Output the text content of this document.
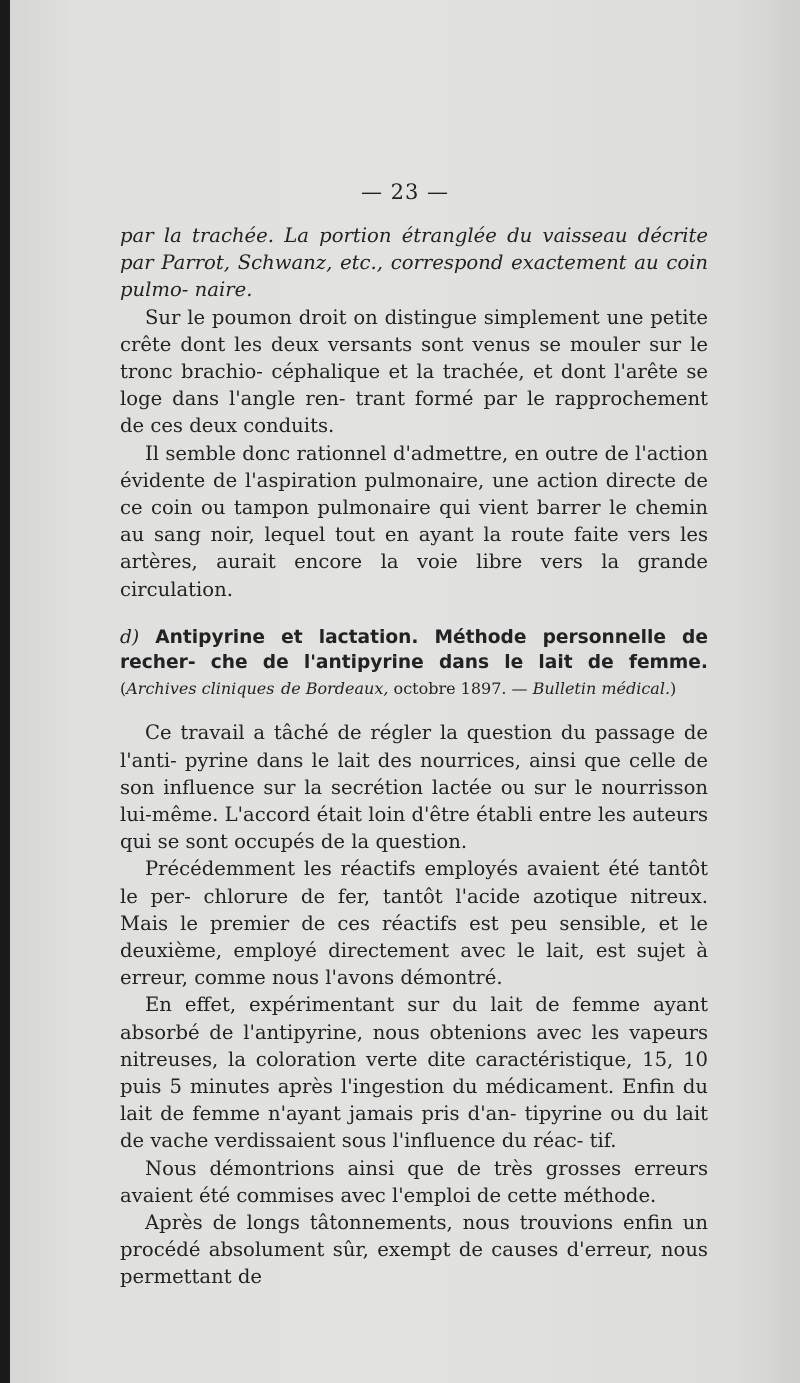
— 23 —

par la trachée. La portion étranglée du vaisseau décrite par Parrot, Schwanz, etc., correspond exactement au coin pulmo- naire.

Sur le poumon droit on distingue simplement une petite crête dont les deux versants sont venus se mouler sur le tronc brachio- céphalique et la trachée, et dont l'arête se loge dans l'angle ren- trant formé par le rapprochement de ces deux conduits.

Il semble donc rationnel d'admettre, en outre de l'action évidente de l'aspiration pulmonaire, une action directe de ce coin ou tampon pulmonaire qui vient barrer le chemin au sang noir, lequel tout en ayant la route faite vers les artères, aurait encore la voie libre vers la grande circulation.

d) Antipyrine et lactation. Méthode personnelle de recher- che de l'antipyrine dans le lait de femme. (Archives cliniques de Bordeaux, octobre 1897. — Bulletin médical.)

Ce travail a tâché de régler la question du passage de l'anti- pyrine dans le lait des nourrices, ainsi que celle de son influence sur la secrétion lactée ou sur le nourrisson lui-même. L'accord était loin d'être établi entre les auteurs qui se sont occupés de la question.

Précédemment les réactifs employés avaient été tantôt le per- chlorure de fer, tantôt l'acide azotique nitreux. Mais le premier de ces réactifs est peu sensible, et le deuxième, employé directement avec le lait, est sujet à erreur, comme nous l'avons démontré.

En effet, expérimentant sur du lait de femme ayant absorbé de l'antipyrine, nous obtenions avec les vapeurs nitreuses, la coloration verte dite caractéristique, 15, 10 puis 5 minutes après l'ingestion du médicament. Enfin du lait de femme n'ayant jamais pris d'an- tipyrine ou du lait de vache verdissaient sous l'influence du réac- tif.

Nous démontrions ainsi que de très grosses erreurs avaient été commises avec l'emploi de cette méthode.

Après de longs tâtonnements, nous trouvions enfin un procédé absolument sûr, exempt de causes d'erreur, nous permettant de
